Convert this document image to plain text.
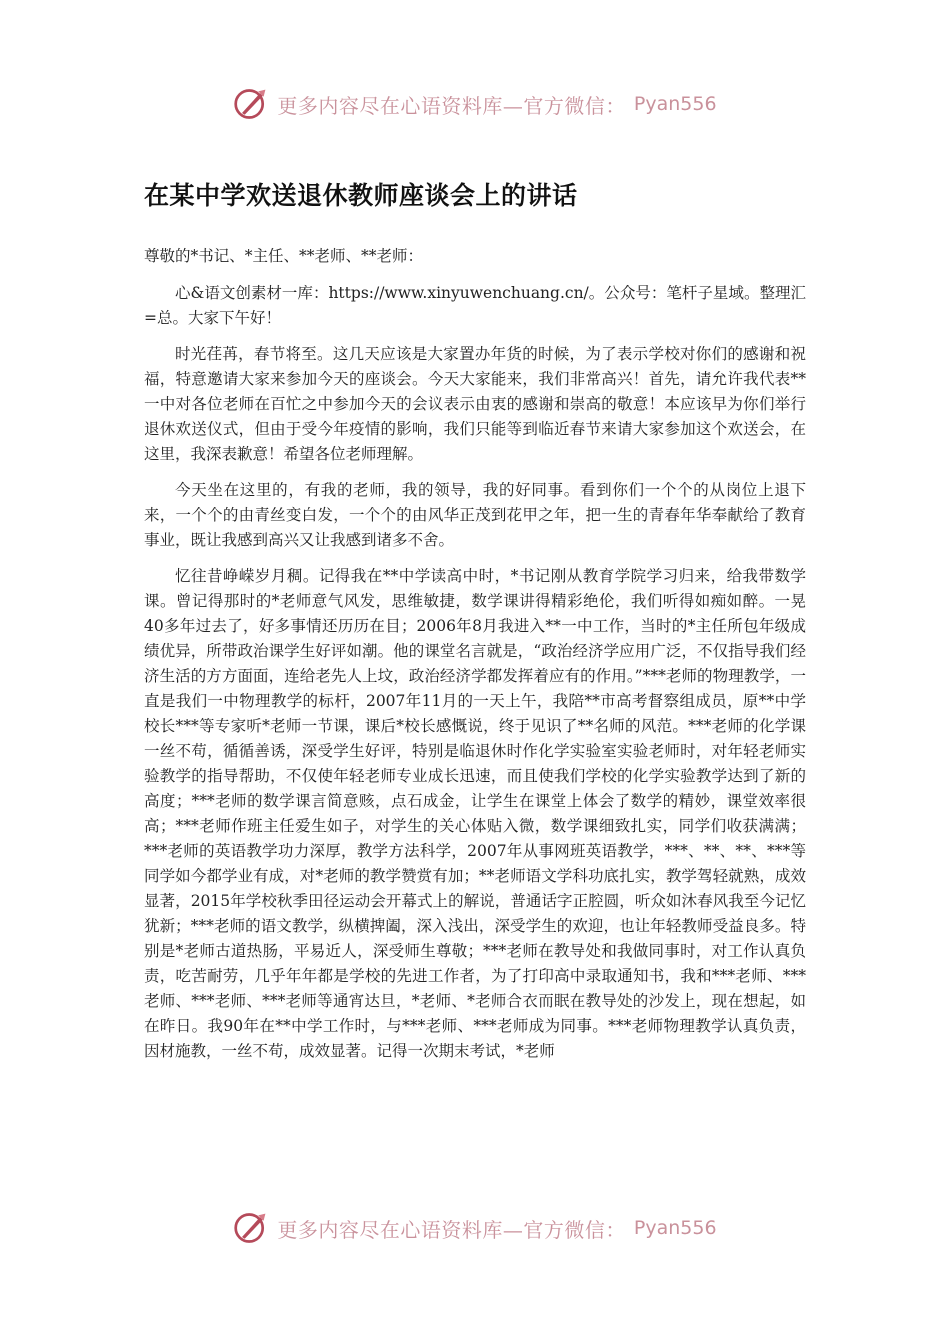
更多内容尽在心语资料库—官方微信： Pyan556
在某中学欢送退休教师座谈会上的讲话

尊敬的*书记、*主任、**老师、**老师：

心&语文创素材一库：https://www.xinyuwenchuang.cn/。公众号：笔杆子星域。整理汇=总。大家下午好！

时光荏苒，春节将至。这几天应该是大家置办年货的时候，为了表示学校对你们的感谢和祝福，特意邀请大家来参加今天的座谈会。今天大家能来，我们非常高兴！首先，请允许我代表**一中对各位老师在百忙之中参加今天的会议表示由衷的感谢和崇高的敬意！本应该早为你们举行退休欢送仪式，但由于受今年疫情的影响，我们只能等到临近春节来请大家参加这个欢送会，在这里，我深表歉意！希望各位老师理解。

今天坐在这里的，有我的老师，我的领导，我的好同事。看到你们一个个的从岗位上退下来，一个个的由青丝变白发，一个个的由风华正茂到花甲之年，把一生的青春年华奉献给了教育事业，既让我感到高兴又让我感到诸多不舍。

忆往昔峥嵘岁月稠。记得我在**中学读高中时，*书记刚从教育学院学习归来，给我带数学课。曾记得那时的*老师意气风发，思维敏捷，数学课讲得精彩绝伦，我们听得如痴如醉。一晃40多年过去了，好多事情还历历在目；2006年8月我进入**一中工作，当时的*主任所包年级成绩优异，所带政治课学生好评如潮。他的课堂名言就是，“政治经济学应用广泛，不仅指导我们经济生活的方方面面，连给老先人上坟，政治经济学都发挥着应有的作用。”***老师的物理教学，一直是我们一中物理教学的标杆，2007年11月的一天上午，我陪**市高考督察组成员，原**中学校长***等专家听*老师一节课，课后*校长感慨说，终于见识了**名师的风范。***老师的化学课一丝不苟，循循善诱，深受学生好评，特别是临退休时作化学实验室实验老师时，对年轻老师实验教学的指导帮助，不仅使年轻老师专业成长迅速，而且使我们学校的化学实验教学达到了新的高度；***老师的数学课言简意赅，点石成金，让学生在课堂上体会了数学的精妙，课堂效率很高；***老师作班主任爱生如子，对学生的关心体贴入微，数学课细致扎实，同学们收获满满；***老师的英语教学功力深厚，教学方法科学，2007年从事网班英语教学，***、**、**、***等同学如今都学业有成，对*老师的教学赞赏有加；**老师语文学科功底扎实，教学驾轻就熟，成效显著，2015年学校秋季田径运动会开幕式上的解说，普通话字正腔圆，听众如沐春风我至今记忆犹新；***老师的语文教学，纵横捭阖，深入浅出，深受学生的欢迎，也让年轻教师受益良多。特别是*老师古道热肠，平易近人，深受师生尊敬；***老师在教导处和我做同事时，对工作认真负责，吃苦耐劳，几乎年年都是学校的先进工作者，为了打印高中录取通知书，我和***老师、***老师、***老师、***老师等通宵达旦，*老师、*老师合衣而眠在教导处的沙发上，现在想起，如在昨日。我90年在**中学工作时，与***老师、***老师成为同事。***老师物理教学认真负责，因材施教，一丝不苟，成效显著。记得一次期末考试，*老师

更多内容尽在心语资料库—官方微信： Pyan556
